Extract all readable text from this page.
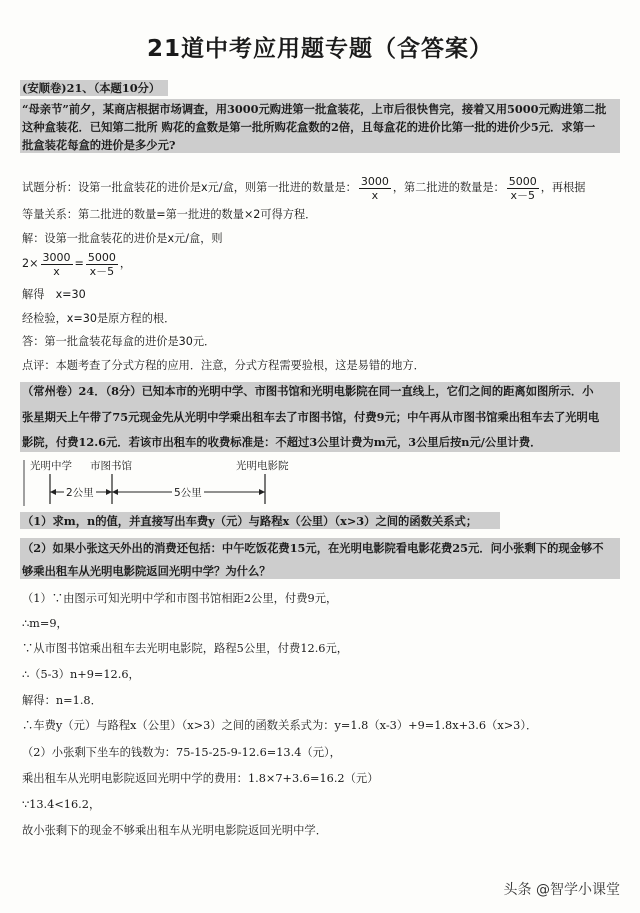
21道中考应用题专题（含答案）
(安顺卷)21、（本题10分）
“母亲节”前夕，某商店根据市场调查，用3000元购进第一批盒装花，上市后很快售完，接着又用5000元购进第二批
这种盒装花．已知第二批所 购花的盒数是第一批所购花盒数的2倍，且每盒花的进价比第一批的进价少5元．求第一
批盒装花每盒的进价是多少元?
试题分析：设第一批盒装花的进价是x元/盒，则第一批进的数量是： $\frac{3000}{x}$ ，第二批进的数量是： $\frac{5000}{x-5}$ ，再根据
等量关系：第二批进的数量=第一批进的数量×2可得方程．
解：设第一批盒装花的进价是x元/盒，则
$2\times \frac{3000}{x} = \frac{5000}{x-5}$ ，
解得　x=30
经检验，x=30是原方程的根．
答：第一批盒装花每盒的进价是30元．
点评：本题考查了分式方程的应用．注意，分式方程需要验根，这是易错的地方．
（常州卷）24．（8分）已知本市的光明中学、市图书馆和光明电影院在同一直线上，它们之间的距离如图所示．小
张星期天上午带了75元现金先从光明中学乘出租车去了市图书馆，付费9元；中午再从市图书馆乘出租车去了光明电
影院，付费12.6元．若该市出租车的收费标准是：不超过3公里计费为m元，3公里后按n元/公里计费．
光明中学 市图书馆	光明电影院
2公里	5公里
（1）求m，n的值，并直接写出车费y（元）与路程x（公里）（x>3）之间的函数关系式；
（2）如果小张这天外出的消费还包括：中午吃饭花费15元，在光明电影院看电影花费25元．问小张剩下的现金够不
够乘出租车从光明电影院返回光明中学？为什么？
（1）∵由图示可知光明中学和市图书馆相距2公里，付费9元，
∴m=9，
∵从市图书馆乘出租车去光明电影院，路程5公里，付费12.6元，
∴（5-3）n+9=12.6，
解得：n=1.8．
∴车费y（元）与路程x（公里）（x>3）之间的函数关系式为：y=1.8（x-3）+9=1.8x+3.6（x>3）．
（2）小张剩下坐车的钱数为：75-15-25-9-12.6=13.4（元），
乘出租车从光明电影院返回光明中学的费用：1.8×7+3.6=16.2（元）
∵13.4<16.2，
故小张剩下的现金不够乘出租车从光明电影院返回光明中学．
头条 @智学小课堂
